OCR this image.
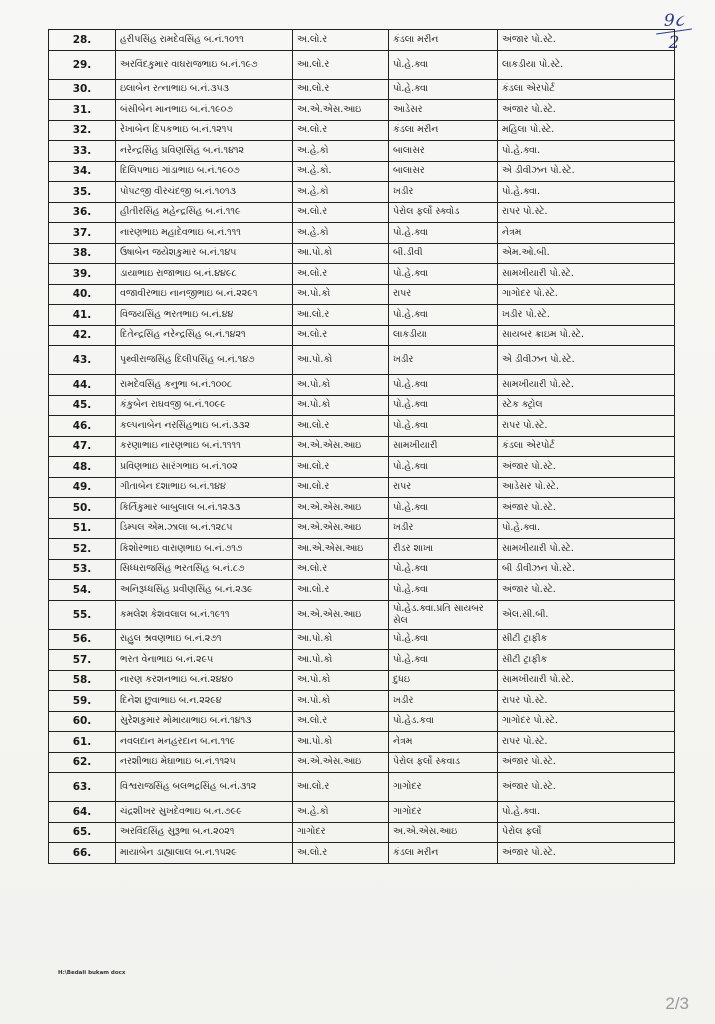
9૮
2
28.	હરીપસિંહ રામદેવસિંહ બ.નં.૧૦૧૧	અ.લો.ર	કંડલા મરીન	અંજાર પો.સ્ટે.
29.	અરવિંદકુમાર વાઘરાજભાઇ બ.નં.૧૯૭	આ.લો.ર	પો.હે.ક્વા	લાકડીયા પો.સ્ટે.
30.	ઇલાબેન રત્નાભાઇ બ.નં.૩૫૩	આ.લો.ર	પો.હે.ક્વા	કંડલા એરપોર્ટ
31.	બંસીબેન માનભાઇ બ.નં.૧૯૦૭	અ.એ.એસ.આઇ	આડેસર	અંજાર પો.સ્ટે.
32.	રેખાબેન દિપકભાઇ બ.નં.૧૨૧૫	અ.લો.ર	કંડલા મરીન	મહિલા પો.સ્ટે.
33.	નરેન્દ્રસિંહ પ્રવિણસિંહ બ.નં.૧૪૧૨	અ.હે.કો	બાલાસર	પો.હે.ક્વા.
34.	દિલિપભાઇ ગાંડાભાઇ બ.નં.૧૯૦૭	અ.હે.કો.	બાલાસર	એ ડીવીઝન પો.સ્ટે.
35.	પોપટજી વીરચંદજી બ.નં.૧૦૧૩	અ.હે.કો	ખડીર	પો.હે.ક્વા.
36.	હીતીરસિંહ મહેન્દ્રસિંહ બ.નં.૧૧૯	અ.લો.ર	પેરોલ ફર્લો સ્ક્વોડ	રાપર પો.સ્ટે.
37.	નારણભાઇ મહાદેવભાઇ બ.નં.૧૧૧	અ.હે.કો	પો.હે.ક્વા	નેત્રમ
38.	ઉષાબેન જયેશકુમાર બ.નં.૧૪૫	આ.પો.કો	બી.ડીવી	એમ.ઓ.બી.
39.	ડાયાભાઇ રાજાભાઇ બ.નં.૪૪૯૮	અ.લો.ર	પો.હે.ક્વા	સામખીયારી પો.સ્ટે.
40.	વજાવીરભાઇ નાનજીભાઇ બ.નં.૨૨૯૧	અ.પો.કો	રાપર	ગાગોદર પો.સ્ટે.
41.	વિજયસિંહ ભરતભાઇ બ.નં.૪૪	આ.લો.ર	પો.હે.ક્વા	ખડીર પો.સ્ટે.
42.	દિતેન્દ્રસિંહ નરેન્દ્રસિંહ બ.નં.૧૪૨૧	અ.લો.ર	લાકડીયા	સાયબર ક્રાઇમ પો.સ્ટે.
43.	પૃથ્વીરાજસિંહ દિલીપસિંહ બ.નં.૧૪૭	આ.પો.કો	ખડીર	એ ડીવીઝન પો.સ્ટે.
44.	રામદેવસિંહ કનુભા બ.નં.૧૦૦૮	અ.પો.કો	પો.હે.ક્વા	સામખીયારી પો.સ્ટે.
45.	કંકુબેન રાઘવજી બ.નં.૧૦૯૯	અ.પો.કો	પો.હે.ક્વા	સ્ટેક ક્ટ્રોલ
46.	કલ્પનાબેન નરસિંહભાઇ બ.નં.૩૩૨	આ.લો.ર	પો.હે.ક્વા	રાપર પો.સ્ટે.
47.	કરણાભાઇ નારણભાઇ બ.નં.૧૧૧૧	અ.એ.એસ.આઇ	સામખીયારી	કંડલા એરપોર્ટ
48.	પ્રવિણભાઇ સારંગભાઇ બ.નં.૧૦૨	આ.લો.ર	પો.હે.ક્વા	અંજાર પો.સ્ટે.
49.	ગીતાબેન દશાભાઇ બ.નં.૧૪૪	આ.લો.ર	રાપર	આડેસર પો.સ્ટે.
50.	કિર્તિકુમાર બાબુલાલ બ.નં.૧૨૩૩	અ.એ.એસ.આઇ	પો.હે.ક્વા	અંજાર પો.સ્ટે.
51.	ડિમ્પલ એમ.ઝાલા બ.નં.૧૨૮૫	અ.એ.એસ.આઇ	ખડીર	પો.હે.ક્વા.
52.	કિશોરભાઇ વારાણભાઇ બ.નં.૭૧૭	આ.એ.એસ.આઇ	રીડર શાખા	સામખીયારી પો.સ્ટે.
53.	સિધ્ધરાજસિંહ ભરતસિંહ બ.નં.૮૭	અ.લો.ર	પો.હે.ક્વા	બી ડીવીઝન પો.સ્ટે.
54.	અનિરૂધ્ધસિંહ પ્રવીણસિંહ બ.નં.૨૩૯	આ.લો.ર	પો.હે.ક્વા	અંજાર પો.સ્ટે.
55.	કમલેશ કેશવલાલ બ.નં.૧૯૧૧	અ.એ.એસ.આઇ	પો.હેડ.ક્વા.પ્રતિ સાયબર સેલ	એલ.સી.બી.
56.	રાહુલ શ્રવણભાઇ બ.નં.૨૭૧	આ.પો.કો	પો.હે.ક્વા	સીટી ટ્રાફીક
57.	ભરત વેનાભાઇ બ.નં.૨૯૫	આ.પો.કો	પો.હે.ક્વા	સીટી ટ્રાફીક
58.	નારણ કરશનભાઇ બ.નં.૨૪૪૦	અ.પો.કો	દુધઇ	સામખીયારી પો.સ્ટે.
59.	દિનેશ છુવાભાઇ બ.ન.૨૨૯૪	અ.પો.કો	ખડીર	રાપર પો.સ્ટે.
60.	સુરેશકુમાર મોમાયાભાઇ બ.નં.૧૪૧૩	અ.લો.ર	પો.હેડ.કવા	ગાગોદર પો.સ્ટે.
61.	નવલદાન મનહરદાન બ.ન.૧૧૯	આ.પો.કો	નેત્રમ	રાપર પો.સ્ટે.
62.	નરશીભાઇ મેઘાભાઇ બ.નં.૧૧૨૫	અ.એ.એસ.આઇ	પેરોલ ફર્લો સ્કવાડ	અંજાર પો.સ્ટે.
63.	વિશ્વરાજસિંહ બલભદ્રસિંહ બ.નં.૩૧૨	આ.લો.ર	ગાગોદર	અંજાર પો.સ્ટે.
64.	ચંદ્રશીખર સુખદેવભાઇ બ.ન.૭૯૯	અ.હે.કો	ગાગોદર	પો.હે.ક્વા.
65.	અરવિંદસિંહ સુરૂભા બ.ન.૨૦૨૧	ગાગોદર	અ.એ.એસ.આઇ	પેરોલ ફર્લો
66.	માયાબેન ડાહ્યાલાલ બ.ન.૧૫૨૯	અ.લો.ર	કંડલા મરીન	અંજાર પો.સ્ટે.
H:\Bedali bukam docx
2/3
